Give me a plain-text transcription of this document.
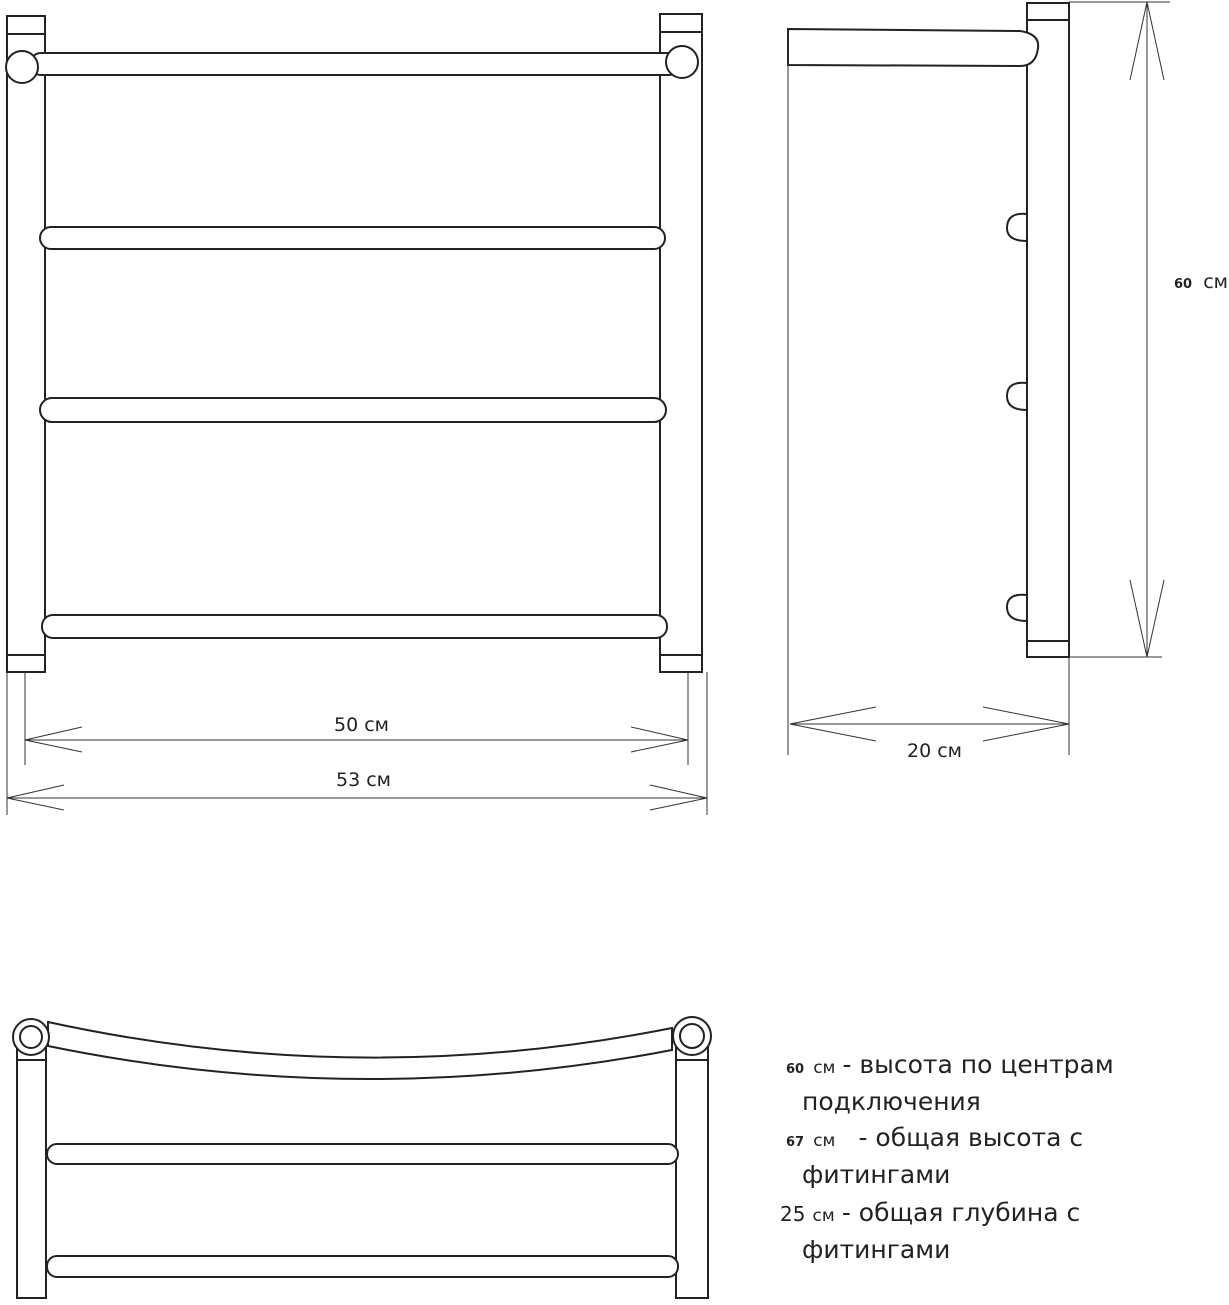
50 см
53 см
60 см
20 см
60 см - высота по центрам
подключения
67 см - общая высота с
фитингами
25 см - общая глубина с
фитингами
